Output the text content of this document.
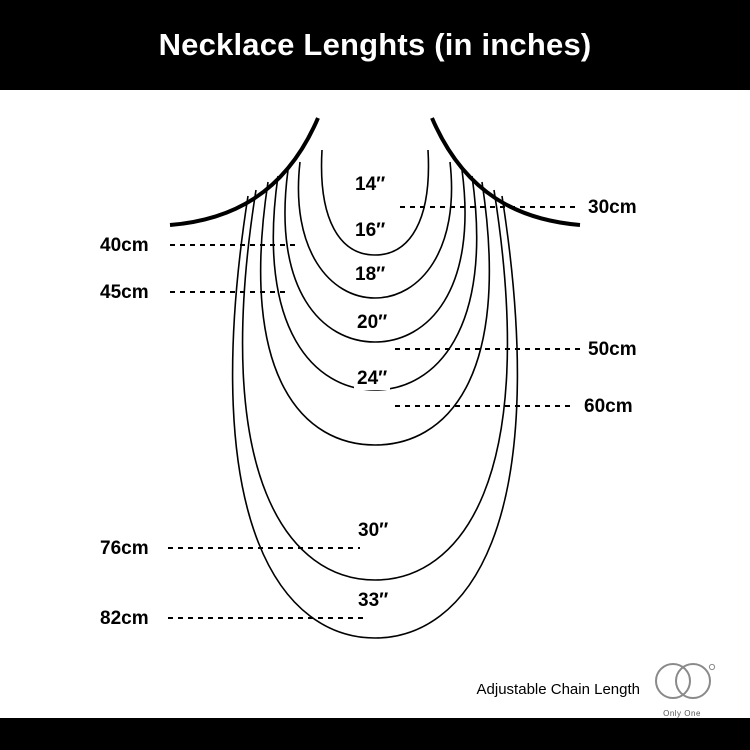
Necklace Lenghts (in inches)
14″
16″
18″
20″
24″
30″
33″
40cm
45cm
76cm
82cm
30cm
50cm
60cm
Adjustable Chain Length
Only One
